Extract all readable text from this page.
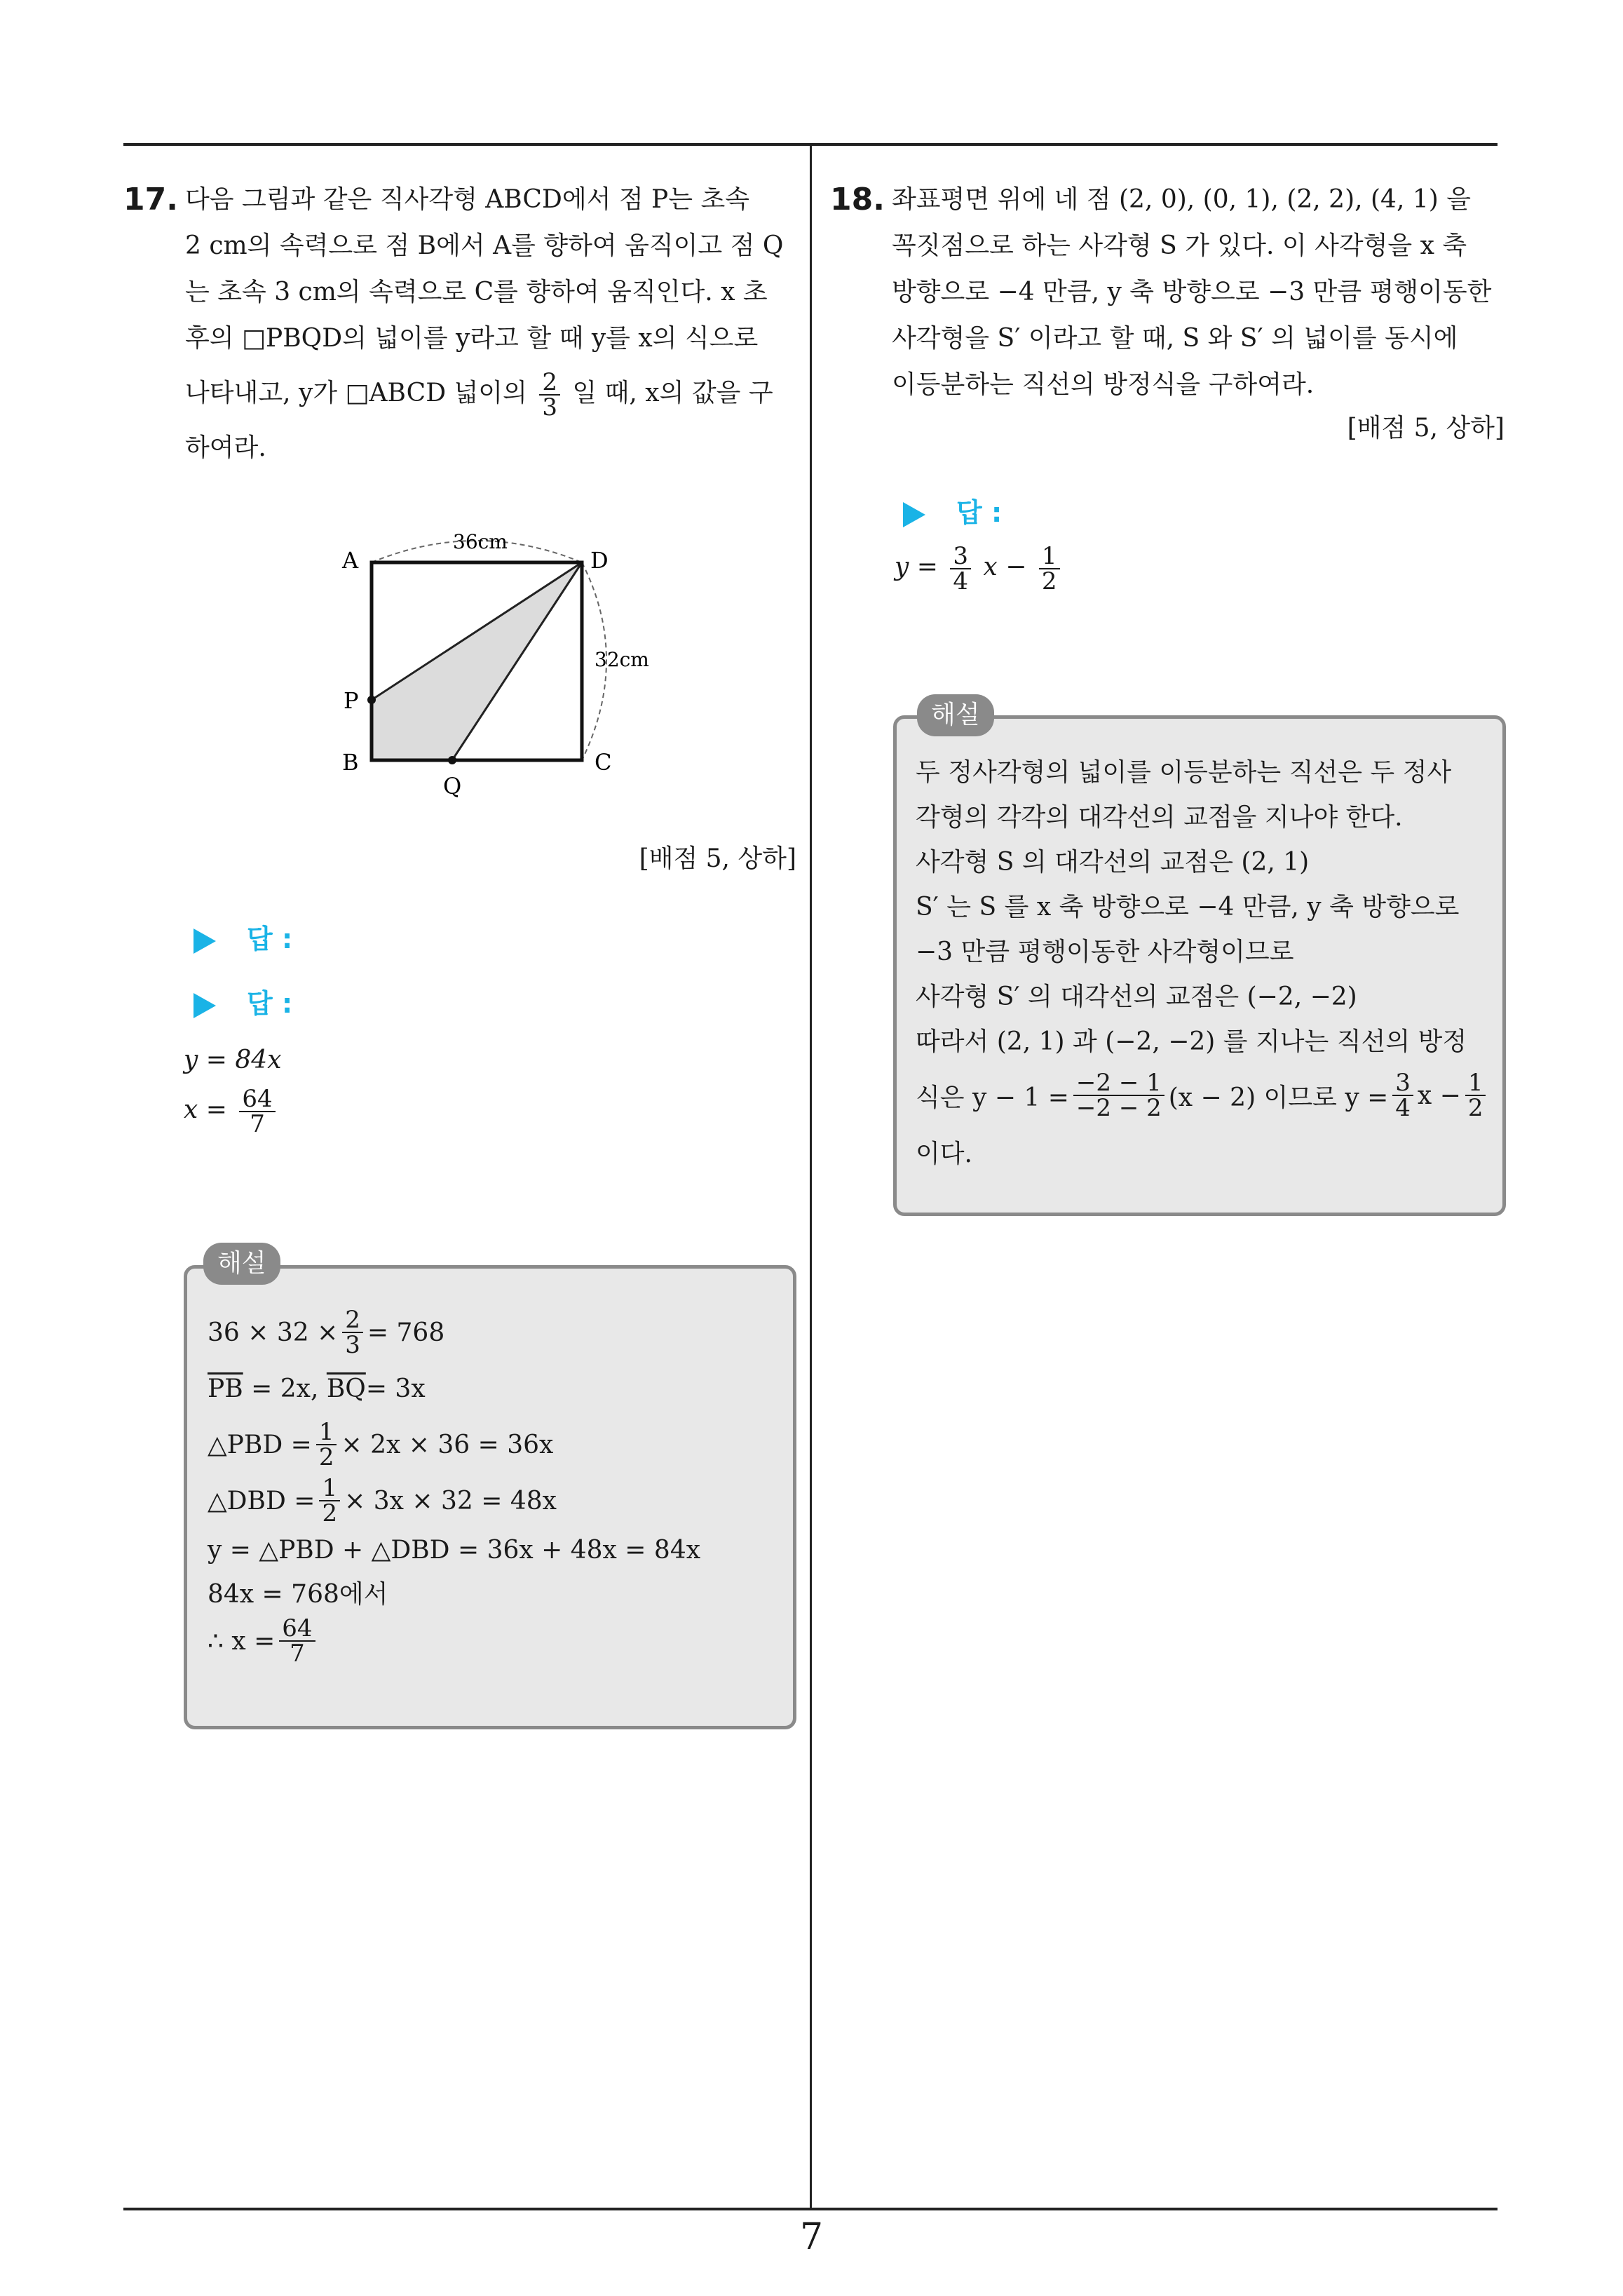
7
17. 다음 그림과 같은 직사각형 ABCD에서 점 P는 초속

2 cm의 속력으로 점 B에서 A를 향하여 움직이고 점 Q

는 초속 3 cm의 속력으로 C를 향하여 움직인다. x 초

후의 □PBQD의 넓이를 y라고 할 때 y를 x의 식으로

나타내고, y가 □ABCD 넓이의 $\frac{2}{3}$ 일 때, x의 값을 구

하여라.

A	D
P
B	C
Q
36cm
32cm
[배점 5, 상하]
답 :
답 :
y = 84x
$x = \frac{64}{7}$
해설
$36 \times 32 \times \frac{2}{3} = 768$
$\overline{PB} = 2x$, $\overline{BQ} = 3x$
△PBD = $\frac{1}{2} \times 2x \times 36 = 36x$
△DBD = $\frac{1}{2} \times 3x \times 32 = 48x$
y = △PBD + △DBD = 36x + 48x = 84x
84x = 768에서
∴ $x = \frac{64}{7}$
18. 좌표평면 위에 네 점 (2, 0), (0, 1), (2, 2), (4, 1) 을

꼭짓점으로 하는 사각형 S 가 있다. 이 사각형을 x 축

방향으로 −4 만큼, y 축 방향으로 −3 만큼 평행이동한

사각형을 S′ 이라고 할 때, S 와 S′ 의 넓이를 동시에

이등분하는 직선의 방정식을 구하여라.

[배점 5, 상하]
답 :
$y = \frac{3}{4}$ $x - \frac{1}{2}$
해설
두 정사각형의 넓이를 이등분하는 직선은 두 정사
각형의 각각의 대각선의 교점을 지나야 한다.
사각형 S 의 대각선의 교점은 (2, 1)
S′ 는 S 를 x 축 방향으로 −4 만큼, y 축 방향으로
−3 만큼 평행이동한 사각형이므로
사각형 S′ 의 대각선의 교점은 (−2, −2)
따라서 (2, 1) 과 (−2, −2) 를 지나는 직선의 방정
식은 $y - 1 = \frac{-2 - 1}{-2 - 2} (x - 2)$ 이므로 $y = \frac{3}{4}$ $x - \frac{1}{2}$
이다.
